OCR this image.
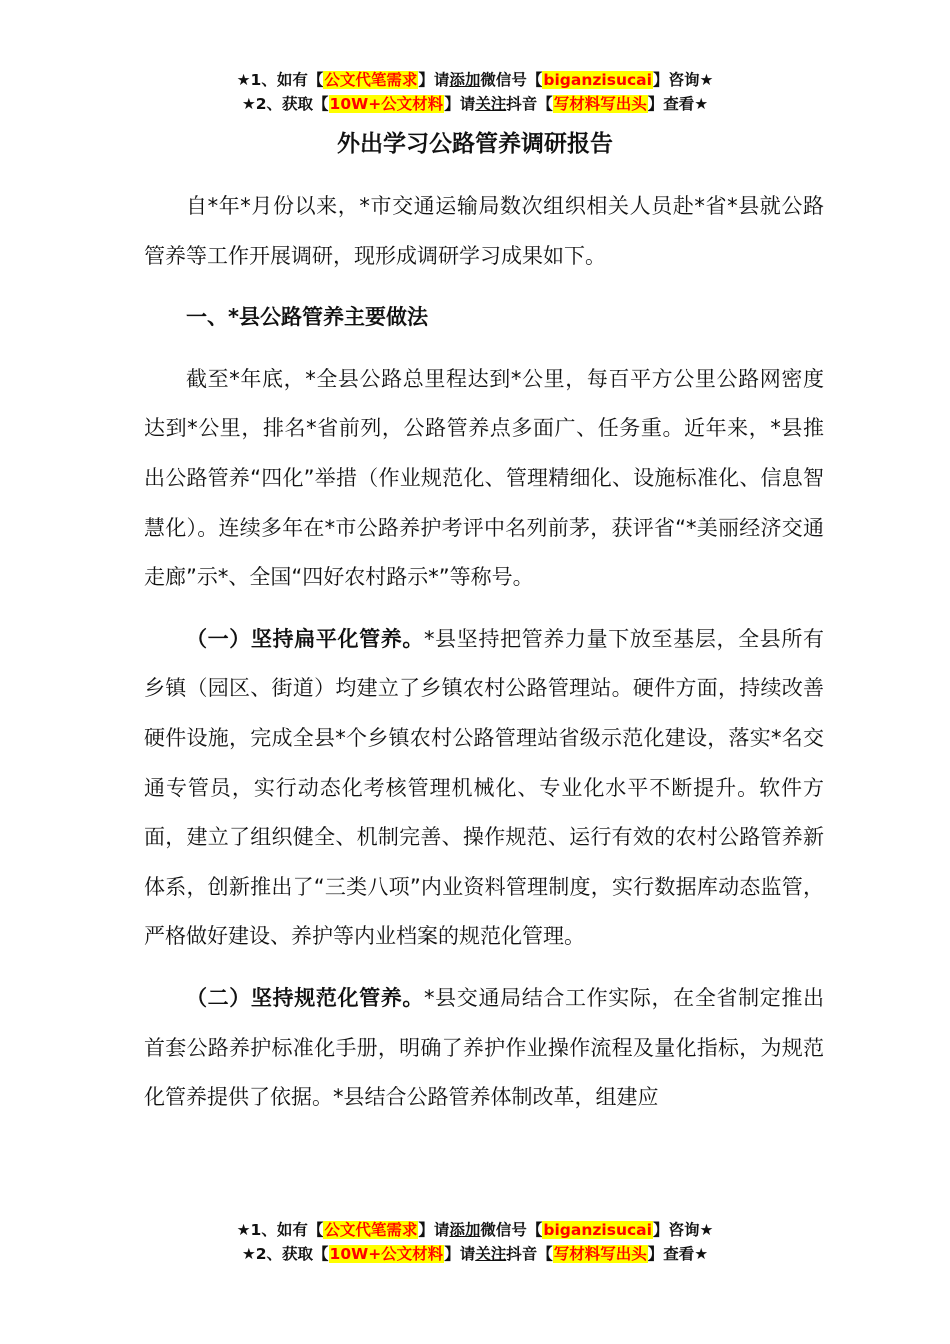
★1、如有【公文代笔需求】请添加微信号【biganzisucai】咨询★
★2、获取【10W+公文材料】请关注抖音【写材料写出头】查看★
外出学习公路管养调研报告

自*年*月份以来，*市交通运输局数次组织相关人员赴*省*县就公路管养等工作开展调研，现形成调研学习成果如下。

一、*县公路管养主要做法

截至*年底，*全县公路总里程达到*公里，每百平方公里公路网密度达到*公里，排名*省前列，公路管养点多面广、任务重。近年来，*县推出公路管养“四化”举措（作业规范化、管理精细化、设施标准化、信息智慧化）。连续多年在*市公路养护考评中名列前茅，获评省“*美丽经济交通走廊”示*、全国“四好农村路示*”等称号。

（一）坚持扁平化管养。*县坚持把管养力量下放至基层，全县所有乡镇（园区、街道）均建立了乡镇农村公路管理站。硬件方面，持续改善硬件设施，完成全县*个乡镇农村公路管理站省级示范化建设，落实*名交通专管员，实行动态化考核管理机械化、专业化水平不断提升。软件方面，建立了组织健全、机制完善、操作规范、运行有效的农村公路管养新体系，创新推出了“三类八项”内业资料管理制度，实行数据库动态监管，严格做好建设、养护等内业档案的规范化管理。

（二）坚持规范化管养。*县交通局结合工作实际，在全省制定推出首套公路养护标准化手册，明确了养护作业操作流程及量化指标，为规范化管养提供了依据。*县结合公路管养体制改革，组建应

★1、如有【公文代笔需求】请添加微信号【biganzisucai】咨询★
★2、获取【10W+公文材料】请关注抖音【写材料写出头】查看★
